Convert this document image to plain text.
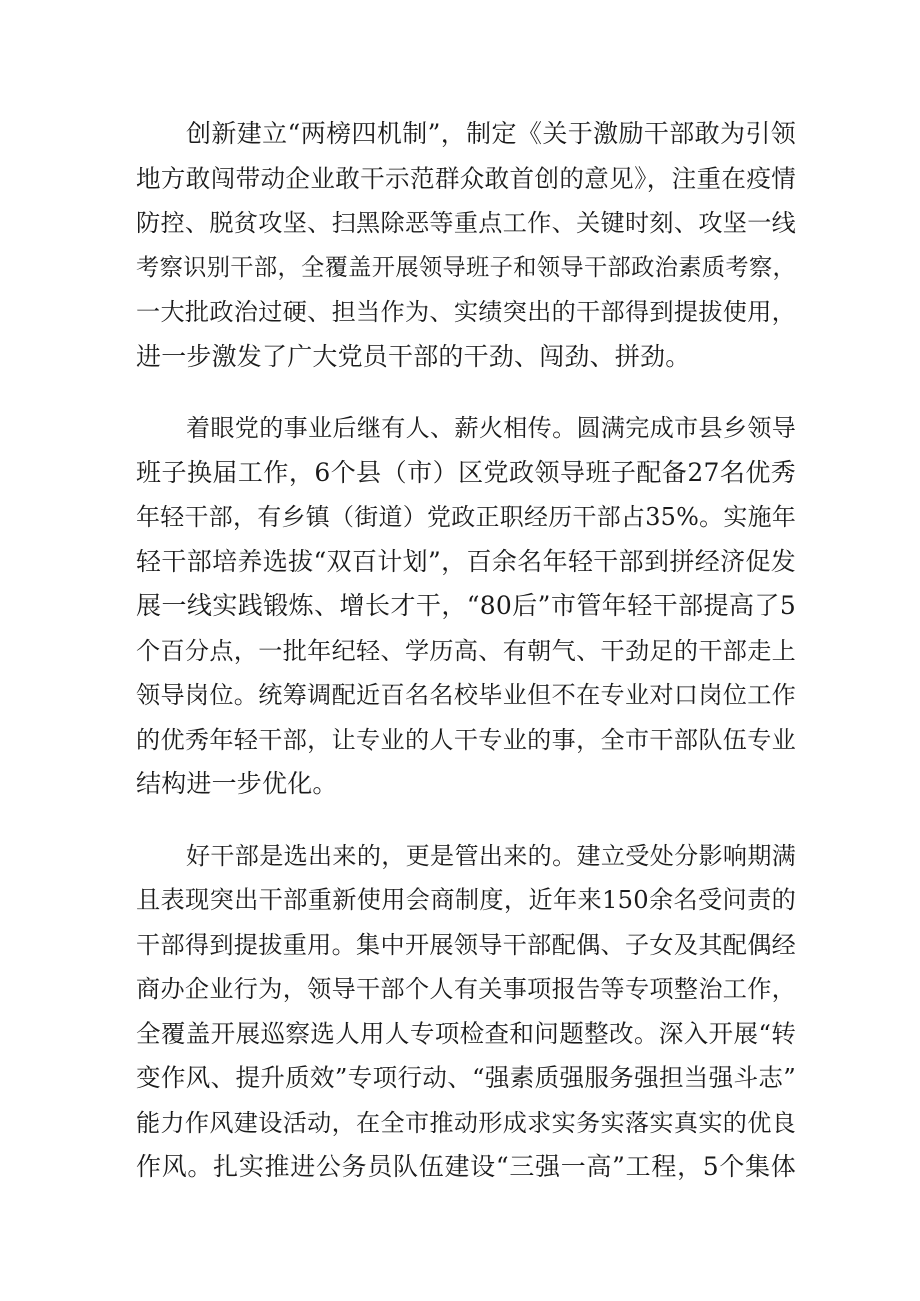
创新建立“两榜四机制”，制定《关于激励干部敢为引领
地方敢闯带动企业敢干示范群众敢首创的意见》，注重在疫情
防控、脱贫攻坚、扫黑除恶等重点工作、关键时刻、攻坚一线
考察识别干部，全覆盖开展领导班子和领导干部政治素质考察，
一大批政治过硬、担当作为、实绩突出的干部得到提拔使用，
进一步激发了广大党员干部的干劲、闯劲、拼劲。
着眼党的事业后继有人、薪火相传。圆满完成市县乡领导
班子换届工作，6个县（市）区党政领导班子配备27名优秀
年轻干部，有乡镇（街道）党政正职经历干部占35%。实施年
轻干部培养选拔“双百计划”，百余名年轻干部到拼经济促发
展一线实践锻炼、增长才干，“80后”市管年轻干部提高了5
个百分点，一批年纪轻、学历高、有朝气、干劲足的干部走上
领导岗位。统筹调配近百名名校毕业但不在专业对口岗位工作
的优秀年轻干部，让专业的人干专业的事，全市干部队伍专业
结构进一步优化。
好干部是选出来的，更是管出来的。建立受处分影响期满
且表现突出干部重新使用会商制度，近年来150余名受问责的
干部得到提拔重用。集中开展领导干部配偶、子女及其配偶经
商办企业行为，领导干部个人有关事项报告等专项整治工作，
全覆盖开展巡察选人用人专项检查和问题整改。深入开展“转
变作风、提升质效”专项行动、“强素质强服务强担当强斗志”
能力作风建设活动，在全市推动形成求实务实落实真实的优良
作风。扎实推进公务员队伍建设“三强一高”工程，5个集体
